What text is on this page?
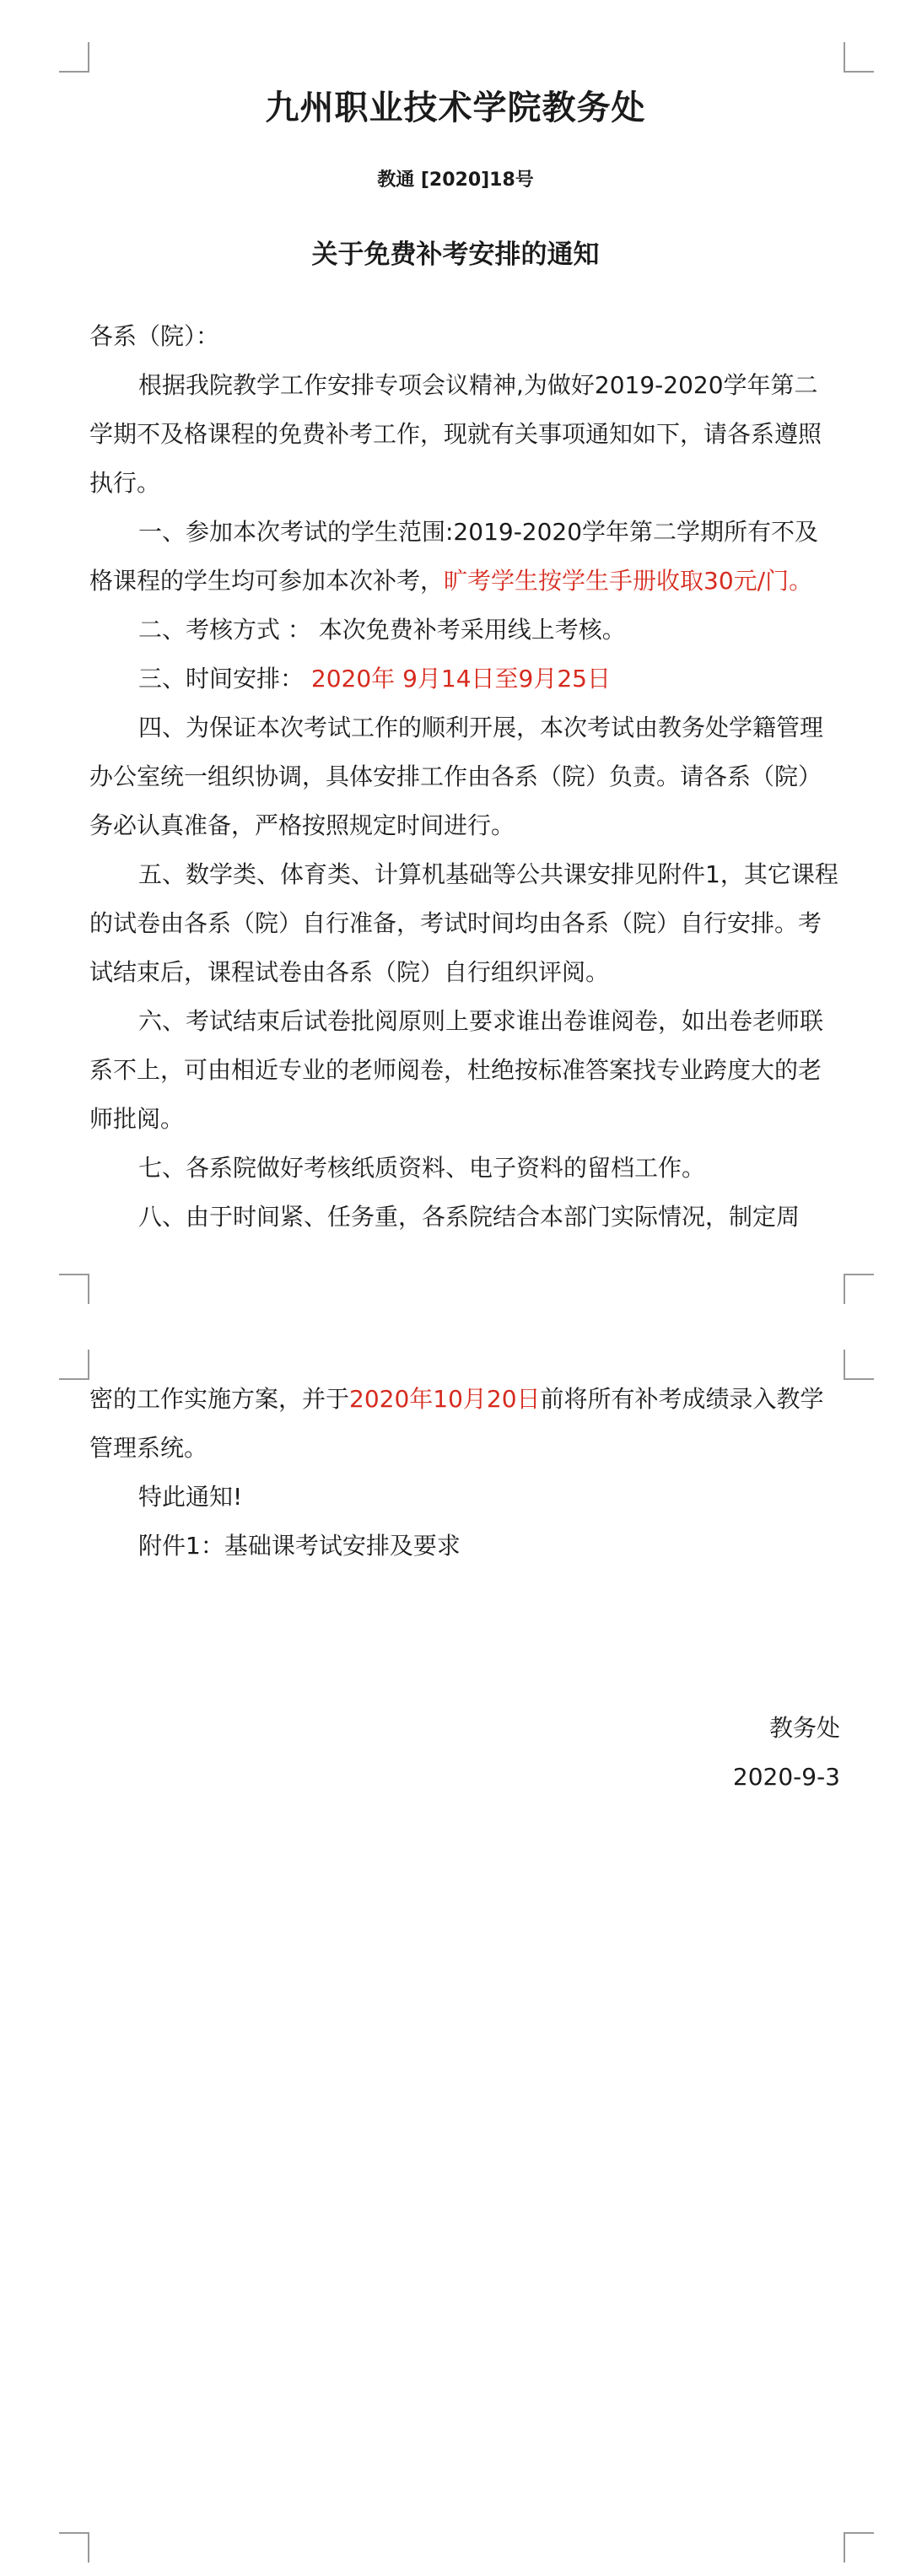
九州职业技术学院教务处
教通 [2020]18号
关于免费补考安排的通知

各系（院）：

根据我院教学工作安排专项会议精神,为做好2019-2020学年第二学期不及格课程的免费补考工作，现就有关事项通知如下，请各系遵照执行。

一、参加本次考试的学生范围:2019-2020学年第二学期所有不及格课程的学生均可参加本次补考，旷考学生按学生手册收取30元/门。

二、考核方式 ： 本次免费补考采用线上考核。

三、时间安排： 2020年 9月14日至9月25日

四、为保证本次考试工作的顺利开展，本次考试由教务处学籍管理办公室统一组织协调，具体安排工作由各系（院）负责。请各系（院）务必认真准备，严格按照规定时间进行。

五、数学类、体育类、计算机基础等公共课安排见附件1，其它课程的试卷由各系（院）自行准备，考试时间均由各系（院）自行安排。考试结束后，课程试卷由各系（院）自行组织评阅。

六、考试结束后试卷批阅原则上要求谁出卷谁阅卷，如出卷老师联系不上，可由相近专业的老师阅卷，杜绝按标准答案找专业跨度大的老师批阅。

七、各系院做好考核纸质资料、电子资料的留档工作。

八、由于时间紧、任务重，各系院结合本部门实际情况，制定周

密的工作实施方案，并于2020年10月20日前将所有补考成绩录入教学管理系统。

特此通知!

附件1：基础课考试安排及要求

教务处
2020-9-3
